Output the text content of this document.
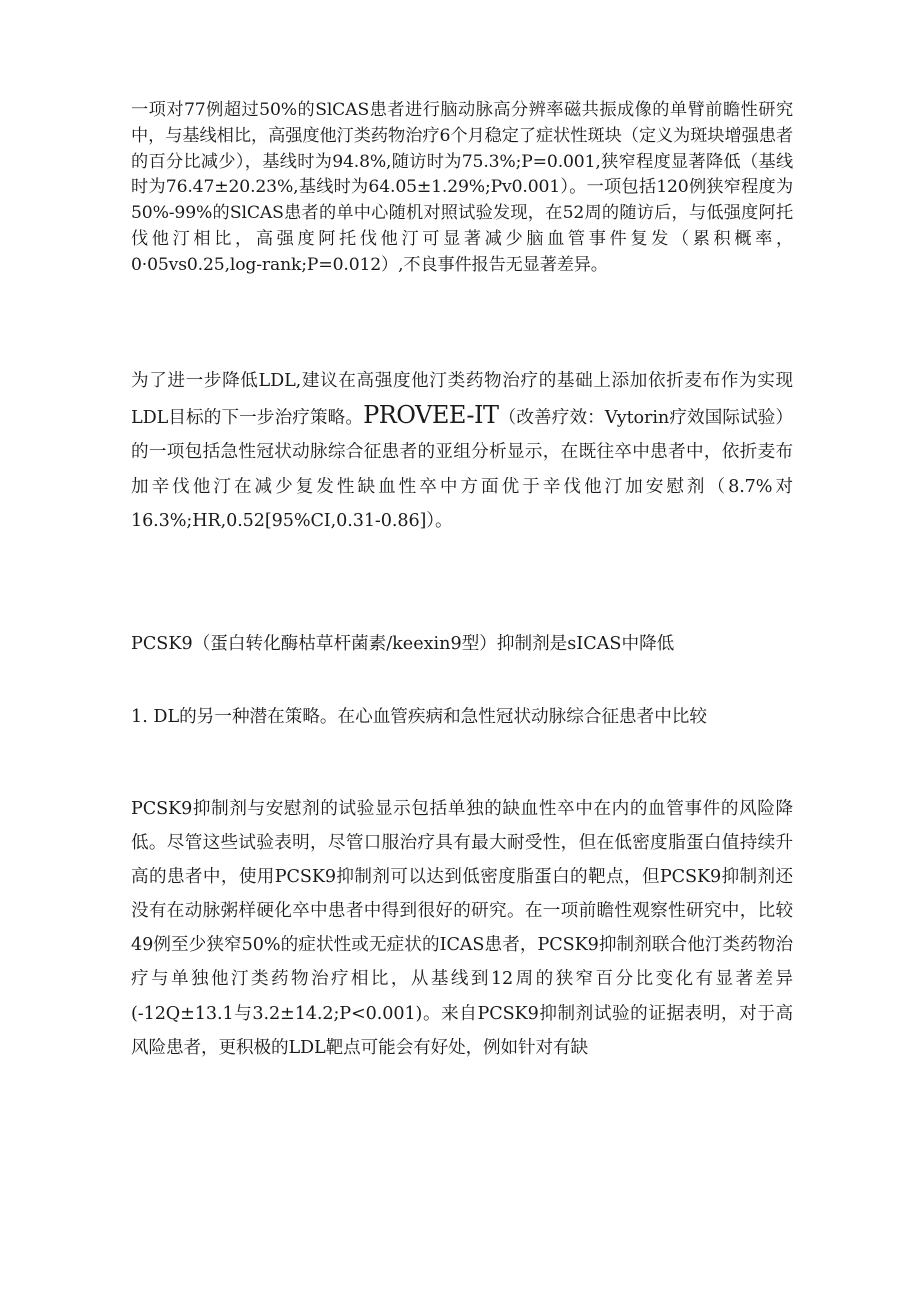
一项对77例超过50%的SlCAS患者进行脑动脉高分辨率磁共振成像的单臂前瞻性研究中，与基线相比，高强度他汀类药物治疗6个月稳定了症状性斑块（定义为斑块增强患者的百分比减少），基线时为94.8%,随访时为75.3%;P=0.001,狭窄程度显著降低（基线时为76.47±20.23%,基线时为64.05±1.29%;Pv0.001）。一项包括120例狭窄程度为50%-99%的SlCAS患者的单中心随机对照试验发现，在52周的随访后，与低强度阿托伐他汀相比，高强度阿托伐他汀可显著减少脑血管事件复发（累积概率，0·05vs0.25,log-rank;P=0.012）,不良事件报告无显著差异。

为了进一步降低LDL,建议在高强度他汀类药物治疗的基础上添加依折麦布作为实现LDL目标的下一步治疗策略。PROVEE-IT（改善疗效：Vytorin疗效国际试验）的一项包括急性冠状动脉综合征患者的亚组分析显示，在既往卒中患者中，依折麦布加辛伐他汀在减少复发性缺血性卒中方面优于辛伐他汀加安慰剂（8.7%对16.3%;HR,0.52[95%CI,0.31-0.86]）。

PCSK9（蛋白转化酶枯草杆菌素/keexin9型）抑制剂是sICAS中降低

1. DL的另一种潜在策略。在心血管疾病和急性冠状动脉综合征患者中比较

PCSK9抑制剂与安慰剂的试验显示包括单独的缺血性卒中在内的血管事件的风险降低。尽管这些试验表明，尽管口服治疗具有最大耐受性，但在低密度脂蛋白值持续升高的患者中，使用PCSK9抑制剂可以达到低密度脂蛋白的靶点，但PCSK9抑制剂还没有在动脉粥样硬化卒中患者中得到很好的研究。在一项前瞻性观察性研究中，比较49例至少狭窄50%的症状性或无症状的ICAS患者，PCSK9抑制剂联合他汀类药物治疗与单独他汀类药物治疗相比，从基线到12周的狭窄百分比变化有显著差异(-12Q±13.1与3.2±14.2;P<0.001)。来自PCSK9抑制剂试验的证据表明，对于高风险患者，更积极的LDL靶点可能会有好处，例如针对有缺
